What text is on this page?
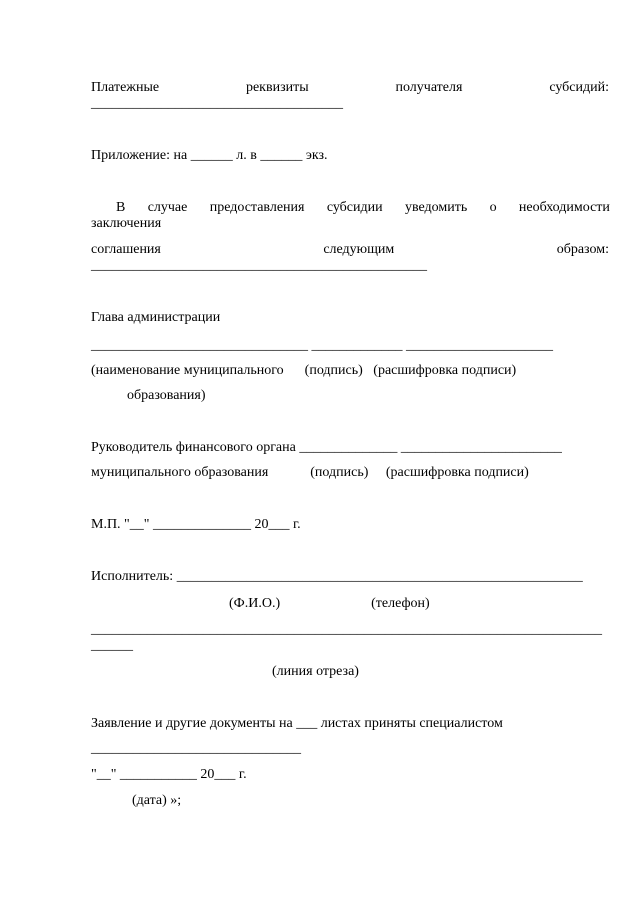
Платежные	реквизиты	получателя	субсидий:
____________________________________
Приложение: на ______ л. в ______ экз.
В случае предоставления субсидии уведомить о необходимости
заключения
соглашения	следующим	образом:
________________________________________________
Глава администрации
_______________________________ _____________ _____________________
(наименование муниципального      (подпись)   (расшифровка подписи)
образования)
Руководитель финансового органа ______________ _______________________
муниципального образования            (подпись)     (расшифровка подписи)
М.П. "__" ______________ 20___ г.
Исполнитель: __________________________________________________________
(Ф.И.О.)                          (телефон)
_________________________________________________________________________
______
(линия отреза)
Заявление и другие документы на ___ листах приняты специалистом
______________________________
"__" ___________ 20___ г.
(дата) »;
